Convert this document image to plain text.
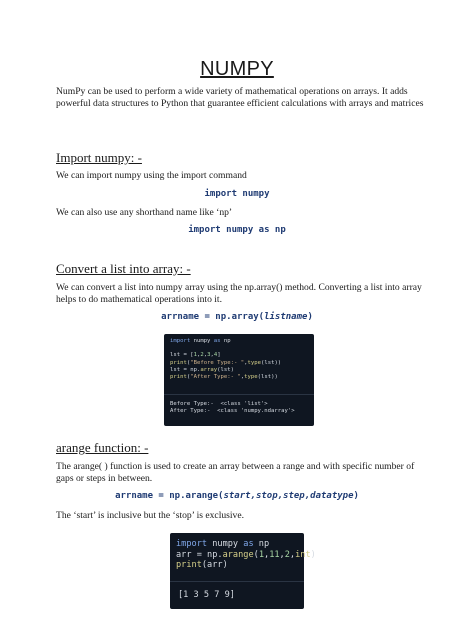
NUMPY

NumPy can be used to perform a wide variety of mathematical operations on arrays. It adds powerful data structures to Python that guarantee efficient calculations with arrays and matrices

Import numpy: -

We can import numpy using the import command

import numpy

We can also use any shorthand name like ‘np’

import numpy as np
Convert a list into array: -

We can convert a list into numpy array using the np.array() method. Converting a list into array helps to do mathematical operations into it.

arrname = np.array(listname)
import numpy as np

lst = [1,2,3,4]
print("Before Type:- ",type(lst))
lst = np.array(lst)
print("After Type:- ",type(lst))
Before Type:-  <class 'list'>
After Type:-  <class 'numpy.ndarray'>
arange function: -

The arange( ) function is used to create an array between a range and with specific number of gaps or steps in between.

arrname = np.arange(start,stop,step,datatype)

The ‘start’ is inclusive but the ‘stop’ is exclusive.

import numpy as np
arr = np.arange(1,11,2,int)
print(arr)
[1 3 5 7 9]
